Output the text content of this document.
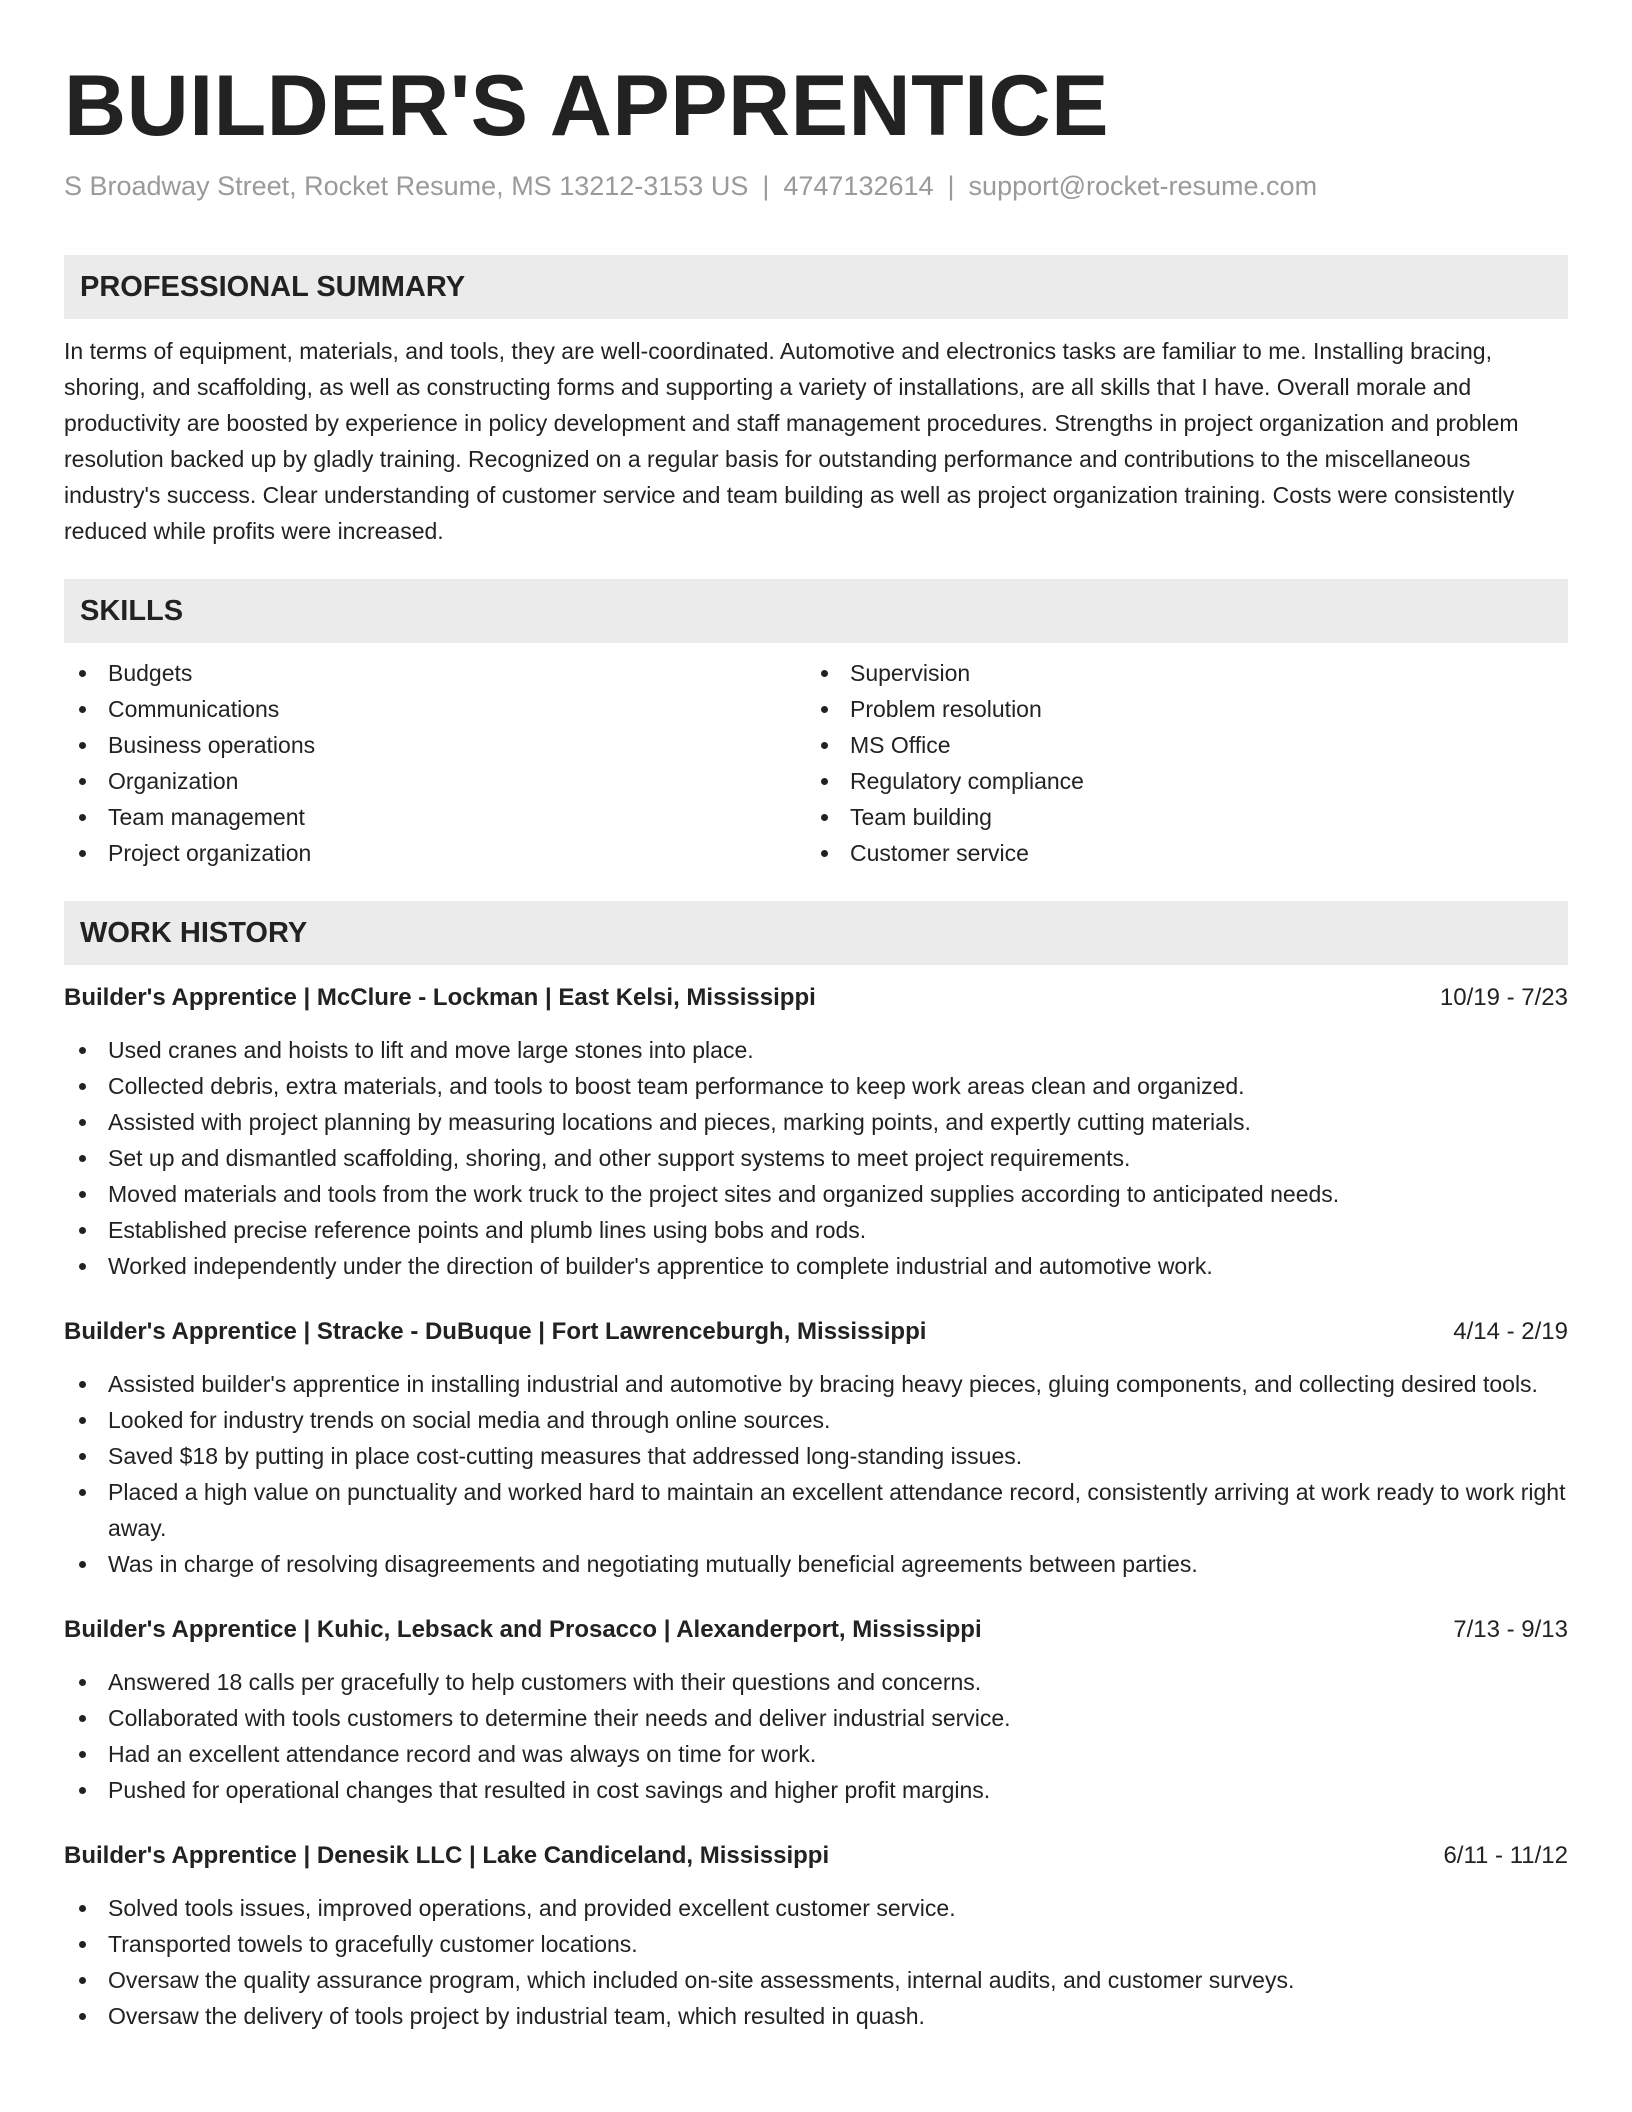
BUILDER'S APPRENTICE
S Broadway Street, Rocket Resume, MS 13212-3153 US | 4747132614 | support@rocket-resume.com
PROFESSIONAL SUMMARY

In terms of equipment, materials, and tools, they are well-coordinated. Automotive and electronics tasks are familiar to me. Installing bracing, shoring, and scaffolding, as well as constructing forms and supporting a variety of installations, are all skills that I have. Overall morale and productivity are boosted by experience in policy development and staff management procedures. Strengths in project organization and problem resolution backed up by gladly training. Recognized on a regular basis for outstanding performance and contributions to the miscellaneous industry's success. Clear understanding of customer service and team building as well as project organization training. Costs were consistently reduced while profits were increased.

SKILLS
Budgets
Communications
Business operations
Organization
Team management
Project organization
Supervision
Problem resolution
MS Office
Regulatory compliance
Team building
Customer service
WORK HISTORY
Builder's Apprentice | McClure - Lockman | East Kelsi, Mississippi	10/19 - 7/23
Used cranes and hoists to lift and move large stones into place.
Collected debris, extra materials, and tools to boost team performance to keep work areas clean and organized.
Assisted with project planning by measuring locations and pieces, marking points, and expertly cutting materials.
Set up and dismantled scaffolding, shoring, and other support systems to meet project requirements.
Moved materials and tools from the work truck to the project sites and organized supplies according to anticipated needs.
Established precise reference points and plumb lines using bobs and rods.
Worked independently under the direction of builder's apprentice to complete industrial and automotive work.
Builder's Apprentice | Stracke - DuBuque | Fort Lawrenceburgh, Mississippi	4/14 - 2/19
Assisted builder's apprentice in installing industrial and automotive by bracing heavy pieces, gluing components, and collecting desired tools.
Looked for industry trends on social media and through online sources.
Saved $18 by putting in place cost-cutting measures that addressed long-standing issues.
Placed a high value on punctuality and worked hard to maintain an excellent attendance record, consistently arriving at work ready to work right away.
Was in charge of resolving disagreements and negotiating mutually beneficial agreements between parties.
Builder's Apprentice | Kuhic, Lebsack and Prosacco | Alexanderport, Mississippi	7/13 - 9/13
Answered 18 calls per gracefully to help customers with their questions and concerns.
Collaborated with tools customers to determine their needs and deliver industrial service.
Had an excellent attendance record and was always on time for work.
Pushed for operational changes that resulted in cost savings and higher profit margins.
Builder's Apprentice | Denesik LLC | Lake Candiceland, Mississippi	6/11 - 11/12
Solved tools issues, improved operations, and provided excellent customer service.
Transported towels to gracefully customer locations.
Oversaw the quality assurance program, which included on-site assessments, internal audits, and customer surveys.
Oversaw the delivery of tools project by industrial team, which resulted in quash.
